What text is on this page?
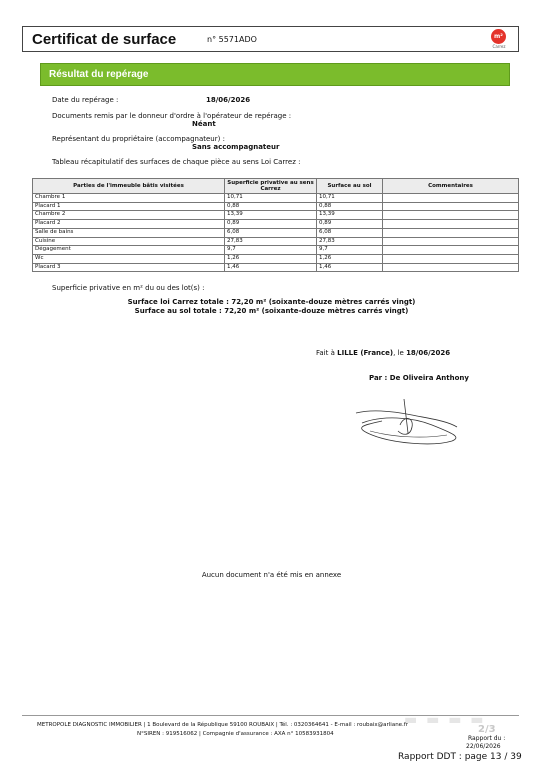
Certificat de surface	n° 5571ADO	m²
Carrez
Résultat du repérage
Date du repérage :	18/06/2026
Documents remis par le donneur d'ordre à l'opérateur de repérage :
Néant
Représentant du propriétaire (accompagnateur) :
Sans accompagnateur
Tableau récapitulatif des surfaces de chaque pièce au sens Loi Carrez :
Parties de l'immeuble bâtis visitées	Superficie privative au sens Carrez	Surface au sol	Commentaires
Chambre 1	10,71	10,71	
Placard 1	0,88	0,88	
Chambre 2	13,39	13,39	
Placard 2	0,89	0,89	
Salle de bains	6,08	6,08	
Cuisine	27,83	27,83	
Dégagement	9,7	9,7	
Wc	1,26	1,26	
Placard 3	1,46	1,46	
Superficie privative en m² du ou des lot(s) :
Surface loi Carrez totale : 72,20 m² (soixante-douze mètres carrés vingt)
Surface au sol totale : 72,20 m² (soixante-douze mètres carrés vingt)
Fait à LILLE (France), le 18/06/2026
Par : De Oliveira Anthony
Aucun document n'a été mis en annexe
▬ ▬ ▬ ▬
METROPOLE DIAGNOSTIC IMMOBILIER | 1 Boulevard de la République 59100 ROUBAIX | Tél. : 0320364641 - E-mail : roubaix@arliane.fr
N°SIREN : 919516062 | Compagnie d'assurance : AXA n° 10583931804	2/3
Rapport du :
22/06/2026
Rapport DDT : page 13 / 39
